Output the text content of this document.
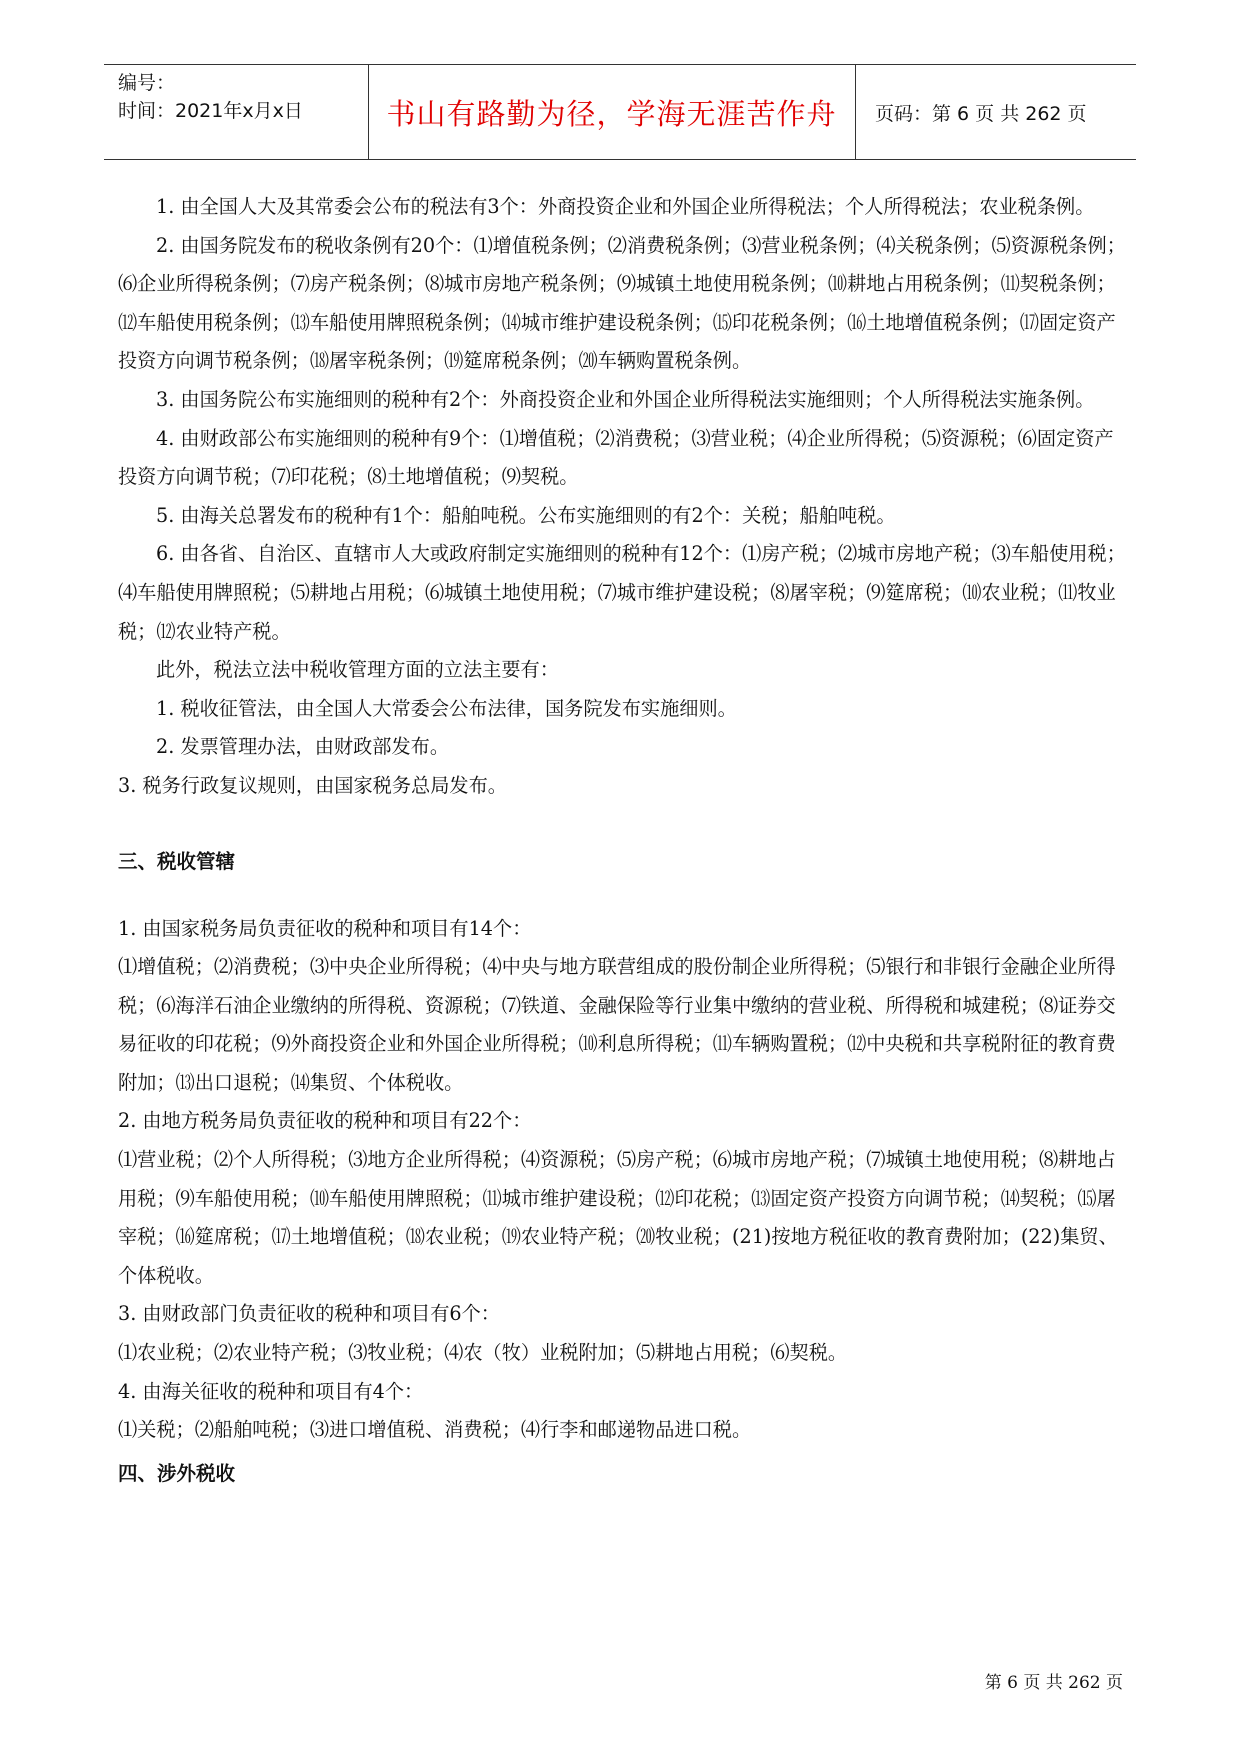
编号：
时间：2021年x月x日	书山有路勤为径，学海无涯苦作舟 页码：第 6 页 共 262 页

1. 由全国人大及其常委会公布的税法有3个：外商投资企业和外国企业所得税法；个人所得税法；农业税条例。

2. 由国务院发布的税收条例有20个：⑴增值税条例；⑵消费税条例；⑶营业税条例；⑷关税条例；⑸资源税条例；⑹企业所得税条例；⑺房产税条例；⑻城市房地产税条例；⑼城镇土地使用税条例；⑽耕地占用税条例；⑾契税条例；⑿车船使用税条例；⒀车船使用牌照税条例；⒁城市维护建设税条例；⒂印花税条例；⒃土地增值税条例；⒄固定资产投资方向调节税条例；⒅屠宰税条例；⒆筵席税条例；⒇车辆购置税条例。

3. 由国务院公布实施细则的税种有2个：外商投资企业和外国企业所得税法实施细则；个人所得税法实施条例。

4. 由财政部公布实施细则的税种有9个：⑴增值税；⑵消费税；⑶营业税；⑷企业所得税；⑸资源税；⑹固定资产投资方向调节税；⑺印花税；⑻土地增值税；⑼契税。

5. 由海关总署发布的税种有1个：船舶吨税。公布实施细则的有2个：关税；船舶吨税。

6. 由各省、自治区、直辖市人大或政府制定实施细则的税种有12个：⑴房产税；⑵城市房地产税；⑶车船使用税；⑷车船使用牌照税；⑸耕地占用税；⑹城镇土地使用税；⑺城市维护建设税；⑻屠宰税；⑼筵席税；⑽农业税；⑾牧业税；⑿农业特产税。

此外，税法立法中税收管理方面的立法主要有：

1. 税收征管法，由全国人大常委会公布法律，国务院发布实施细则。

2. 发票管理办法，由财政部发布。

3. 税务行政复议规则，由国家税务总局发布。

三、税收管辖

1. 由国家税务局负责征收的税种和项目有14个：

⑴增值税；⑵消费税；⑶中央企业所得税；⑷中央与地方联营组成的股份制企业所得税；⑸银行和非银行金融企业所得税；⑹海洋石油企业缴纳的所得税、资源税；⑺铁道、金融保险等行业集中缴纳的营业税、所得税和城建税；⑻证券交易征收的印花税；⑼外商投资企业和外国企业所得税；⑽利息所得税；⑾车辆购置税；⑿中央税和共享税附征的教育费附加；⒀出口退税；⒁集贸、个体税收。

2. 由地方税务局负责征收的税种和项目有22个：

⑴营业税；⑵个人所得税；⑶地方企业所得税；⑷资源税；⑸房产税；⑹城市房地产税；⑺城镇土地使用税；⑻耕地占用税；⑼车船使用税；⑽车船使用牌照税；⑾城市维护建设税；⑿印花税；⒀固定资产投资方向调节税；⒁契税；⒂屠宰税；⒃筵席税；⒄土地增值税；⒅农业税；⒆农业特产税；⒇牧业税；(21)按地方税征收的教育费附加；(22)集贸、个体税收。

3. 由财政部门负责征收的税种和项目有6个：

⑴农业税；⑵农业特产税；⑶牧业税；⑷农（牧）业税附加；⑸耕地占用税；⑹契税。

4. 由海关征收的税种和项目有4个：

⑴关税；⑵船舶吨税；⑶进口增值税、消费税；⑷行李和邮递物品进口税。

四、涉外税收

第 6 页 共 262 页
